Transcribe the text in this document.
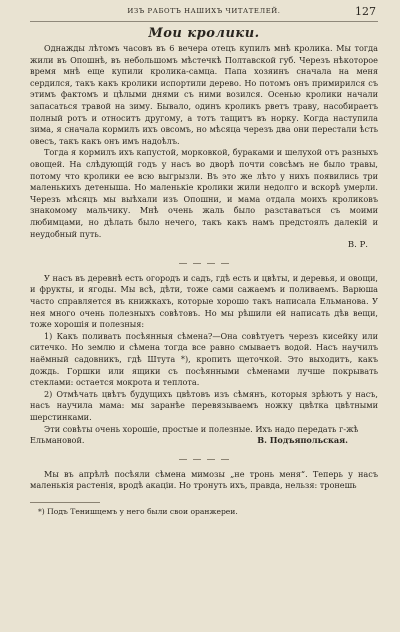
ИЗЪ РАБОТЪ НАШИХЪ ЧИТАТЕЛЕЙ.	127
Мои кролики.

Однажды лѣтомъ часовъ въ 6 вечера отецъ купилъ мнѣ кролика. Мы тогда жили въ Опошнѣ, въ небольшомъ мѣстечкѣ Полтавской губ. Черезъ нѣкоторое время мнѣ еще купили кролика-самца. Папа хозяинъ сначала на меня сердился, такъ какъ кролики испортили дерево. Но потомъ онъ примирился съ этимъ фактомъ и цѣлыми днями съ ними возился. Осенью кролики начали запасаться травой на зиму. Бывало, одинъ кроликъ рветъ траву, насобираетъ полный ротъ и относитъ другому, а тотъ тащитъ въ норку. Когда наступила зима, я сначала кормилъ ихъ овсомъ, но мѣсяца черезъ два они перестали ѣсть овесъ, такъ какъ онъ имъ надоѣлъ.

Тогда я кормилъ ихъ капустой, морковкой, бураками и шелухой отъ разныхъ овощей. На слѣдующій годъ у насъ во дворѣ почти совсѣмъ не было травы, потому что кролики ее всю выгрызли. Въ это же лѣто у нихъ появились три маленькихъ детеныша. Но маленькіе кролики жили недолго и вскорѣ умерли. Черезъ мѣсяцъ мы выѣхали изъ Опошни, и мама отдала моихъ кроликовъ знакомому мальчику. Мнѣ очень жаль было разставаться съ моими любимцами, но дѣлать было нечего, такъ какъ намъ предстоялъ далекій и неудобный путь.

В. Р.

У насъ въ деревнѣ есть огородъ и садъ, гдѣ есть и цвѣты, и деревья, и овощи, и фрукты, и ягоды. Мы всѣ, дѣти, тоже сами сажаемъ и поливаемъ. Варюша часто справляется въ книжкахъ, которые хорошо такъ написала Ельманова. У нея много очень полезныхъ совѣтовъ. Но мы рѣшили ей написать дѣв вещи, тоже хорошія и полезныя:

1) Какъ поливать посѣянныя сѣмена?—Она совѣтуетъ черезъ кисейку или ситечко. Но землю и сѣмена тогда все равно смываетъ водой. Насъ научилъ наёмный садовникъ, гдѣ Штута *), кропить щеточкой. Это выходитъ, какъ дождь. Горшки или ящики съ посѣянными сѣменами лучше покрывать стеклами: остается мокрота и теплота.

2) Отмѣчать цвѣтъ будущихъ цвѣтовъ изъ сѣмянъ, которыя зрѣютъ у насъ, насъ научила мама: мы заранѣе перевязываемъ ножку цвѣтка цвѣтными шерстинками.

Эти совѣты очень хорошіе, простые и полезные. Ихъ надо передать г-жѣ

Ельмановой.	В. Подъяпольская.

Мы въ апрѣлѣ посѣяли сѣмена мимозы „не тронь меня“. Теперь у насъ маленькія растенія, вродѣ акаціи. Но тронуть ихъ, правда, нельзя: тронешь

*) Подъ Тенишцемъ у него были свои оранжереи.
